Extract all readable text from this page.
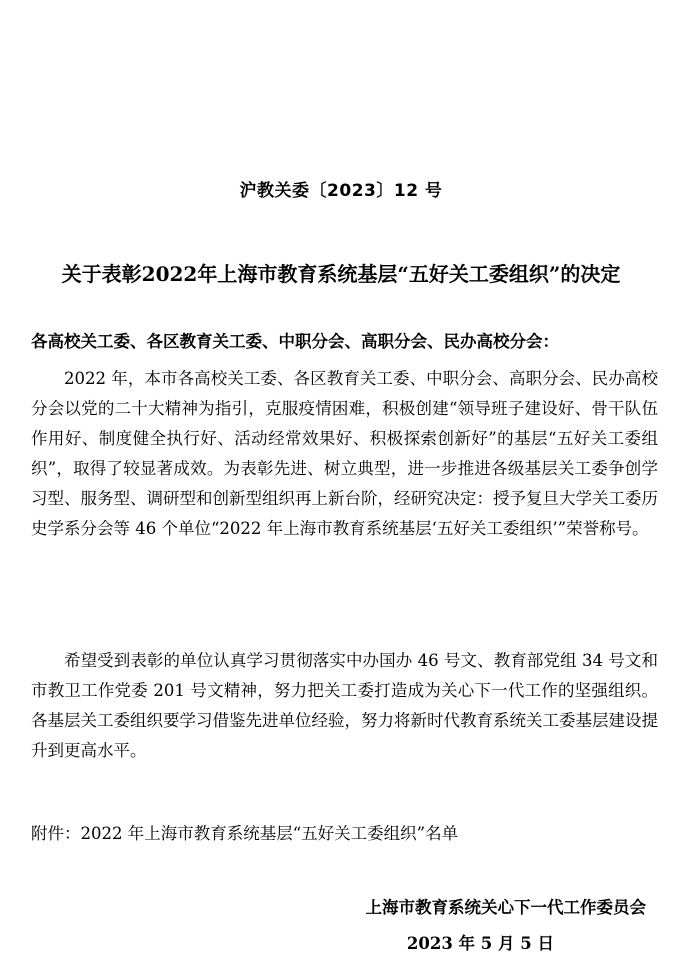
沪教关委〔2023〕12 号
关于表彰2022年上海市教育系统基层“五好关工委组织”的决定
各高校关工委、各区教育关工委、中职分会、高职分会、民办高校分会：

2022 年，本市各高校关工委、各区教育关工委、中职分会、高职分会、民办高校分会以党的二十大精神为指引，克服疫情困难，积极创建“领导班子建设好、骨干队伍作用好、制度健全执行好、活动经常效果好、积极探索创新好”的基层“五好关工委组织”，取得了较显著成效。为表彰先进、树立典型，进一步推进各级基层关工委争创学习型、服务型、调研型和创新型组织再上新台阶，经研究决定：授予复旦大学关工委历史学系分会等 46 个单位“2022 年上海市教育系统基层‘五好关工委组织’”荣誉称号。

希望受到表彰的单位认真学习贯彻落实中办国办 46 号文、教育部党组 34 号文和市教卫工作党委 201 号文精神，努力把关工委打造成为关心下一代工作的坚强组织。各基层关工委组织要学习借鉴先进单位经验，努力将新时代教育系统关工委基层建设提升到更高水平。

附件：2022 年上海市教育系统基层“五好关工委组织”名单
上海市教育系统关心下一代工作委员会
2023 年 5 月 5 日
